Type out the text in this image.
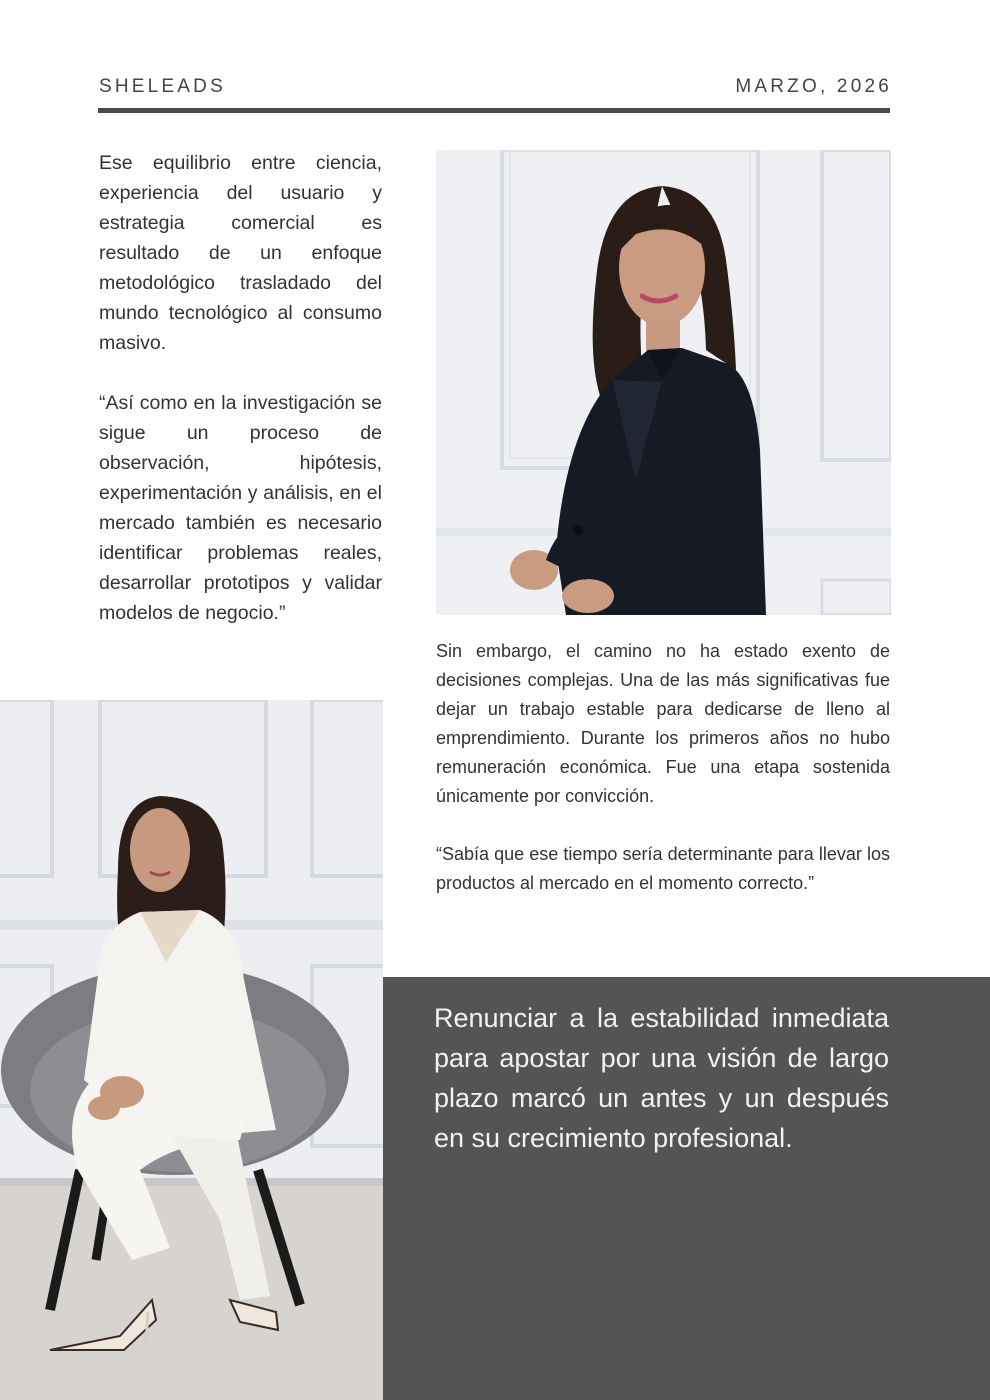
SHELEADS	MARZO, 2026

Ese equilibrio entre ciencia, experiencia del usuario y estrategia comercial es resultado de un enfoque metodológico trasladado del mundo tecnológico al consumo masivo.

“Así como en la investigación se sigue un proceso de observación, hipótesis, experimentación y análisis, en el mercado también es necesario identificar problemas reales, desarrollar prototipos y validar modelos de negocio.”

Sin embargo, el camino no ha estado exento de decisiones complejas. Una de las más significativas fue dejar un trabajo estable para dedicarse de lleno al emprendimiento. Durante los primeros años no hubo remuneración económica. Fue una etapa sostenida únicamente por convicción.

“Sabía que ese tiempo sería determinante para llevar los productos al mercado en el momento correcto.”

Renunciar a la estabilidad inmediata para apostar por una visión de largo plazo marcó un antes y un después en su crecimiento profesional.
